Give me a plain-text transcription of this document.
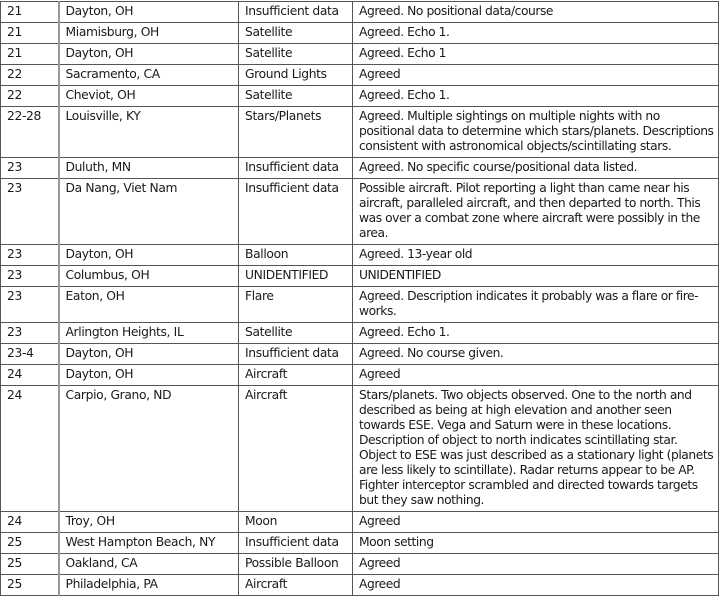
21	Dayton, OH	Insufficient data	Agreed. No positional data/course
21	Miamisburg, OH	Satellite	Agreed. Echo 1.
21	Dayton, OH	Satellite	Agreed. Echo 1
22	Sacramento, CA	Ground Lights	Agreed
22	Cheviot, OH	Satellite	Agreed. Echo 1.
22-28	Louisville, KY	Stars/Planets	Agreed. Multiple sightings on multiple nights with no positional data to determine which stars/planets. Descriptions consistent with astronomical objects/scintillating stars.
23	Duluth, MN	Insufficient data	Agreed. No specific course/positional data listed.
23	Da Nang, Viet Nam	Insufficient data	Possible aircraft. Pilot reporting a light than came near his aircraft, paralleled aircraft, and then departed to north. This was over a combat zone where aircraft were possibly in the area.
23	Dayton, OH	Balloon	Agreed. 13-year old
23	Columbus, OH	UNIDENTIFIED	UNIDENTIFIED
23	Eaton, OH	Flare	Agreed. Description indicates it probably was a flare or fire-works.
23	Arlington Heights, IL	Satellite	Agreed. Echo 1.
23-4	Dayton, OH	Insufficient data	Agreed. No course given.
24	Dayton, OH	Aircraft	Agreed
24	Carpio, Grano, ND	Aircraft	Stars/planets. Two objects observed. One to the north and described as being at high elevation and another seen towards ESE. Vega and Saturn were in these locations. Description of object to north indicates scintillating star. Object to ESE was just described as a stationary light (planets are less likely to scintillate). Radar returns appear to be AP. Fighter interceptor scrambled and directed towards targets but they saw nothing.
24	Troy, OH	Moon	Agreed
25	West Hampton Beach, NY	Insufficient data	Moon setting
25	Oakland, CA	Possible Balloon	Agreed
25	Philadelphia, PA	Aircraft	Agreed
